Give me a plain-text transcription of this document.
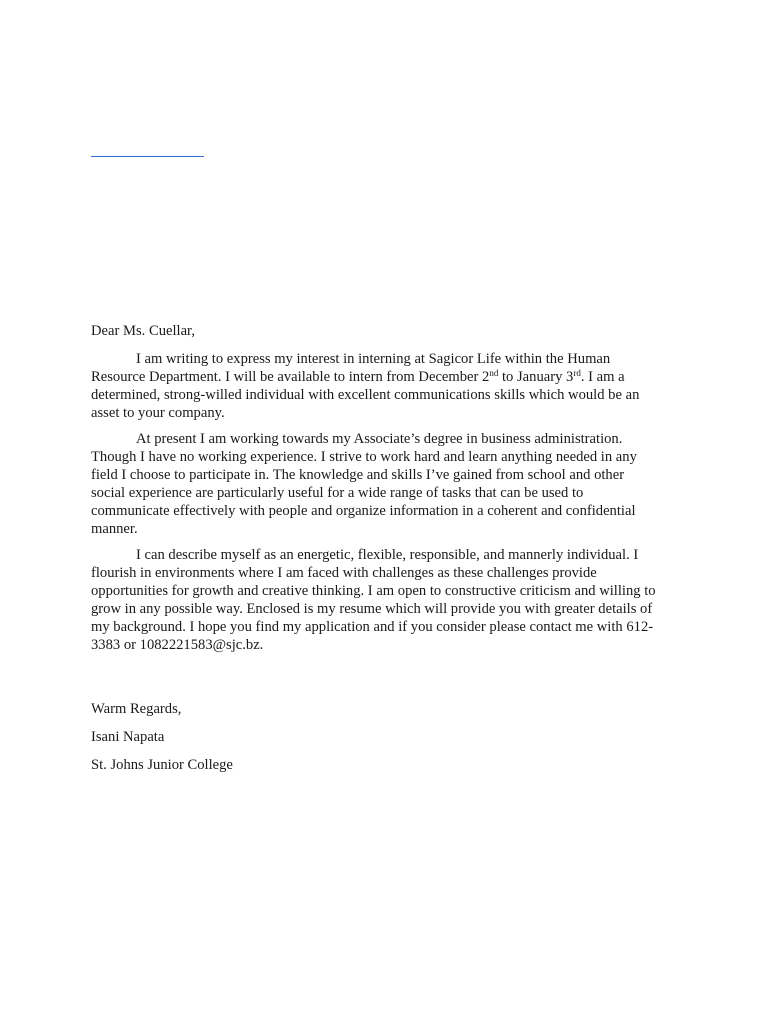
Dear Ms. Cuellar,
I am writing to express my interest in interning at Sagicor Life within the Human
Resource Department. I will be available to intern from December 2nd to January 3rd. I am a
determined, strong-willed individual with excellent communications skills which would be an
asset to your company.
At present I am working towards my Associate’s degree in business administration.
Though I have no working experience. I strive to work hard and learn anything needed in any
field I choose to participate in. The knowledge and skills I’ve gained from school and other
social experience are particularly useful for a wide range of tasks that can be used to
communicate effectively with people and organize information in a coherent and confidential
manner.
I can describe myself as an energetic, flexible, responsible, and mannerly individual. I
flourish in environments where I am faced with challenges as these challenges provide
opportunities for growth and creative thinking. I am open to constructive criticism and willing to
grow in any possible way. Enclosed is my resume which will provide you with greater details of
my background. I hope you find my application and if you consider please contact me with 612-
3383 or 1082221583@sjc.bz.
Warm Regards,
Isani Napata
St. Johns Junior College
